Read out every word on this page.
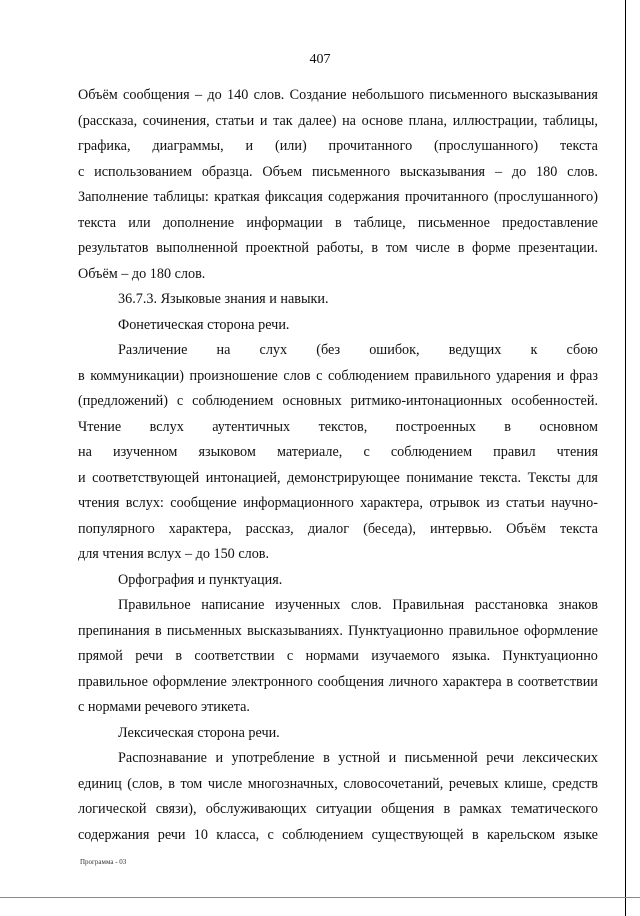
407
Объём сообщения – до 140 слов. Создание небольшого письменного высказывания
(рассказа, сочинения, статьи и так далее) на основе плана, иллюстрации, таблицы,
графика, диаграммы, и (или) прочитанного (прослушанного) текста
с использованием образца. Объем письменного высказывания – до 180 слов.
Заполнение таблицы: краткая фиксация содержания прочитанного (прослушанного)
текста или дополнение информации в таблице, письменное предоставление
результатов выполненной проектной работы, в том числе в форме презентации.
Объём – до 180 слов.
36.7.3. Языковые знания и навыки.
Фонетическая сторона речи.
Различение на слух (без ошибок, ведущих к сбою
в коммуникации) произношение слов с соблюдением правильного ударения и фраз
(предложений) с соблюдением основных ритмико-интонационных особенностей.
Чтение вслух аутентичных текстов, построенных в основном
на изученном языковом материале, с соблюдением правил чтения
и соответствующей интонацией, демонстрирующее понимание текста. Тексты для
чтения вслух: сообщение информационного характера, отрывок из статьи научно-
популярного характера, рассказ, диалог (беседа), интервью. Объём текста
для чтения вслух – до 150 слов.
Орфография и пунктуация.
Правильное написание изученных слов. Правильная расстановка знаков
препинания в письменных высказываниях. Пунктуационно правильное оформление
прямой речи в соответствии с нормами изучаемого языка. Пунктуационно
правильное оформление электронного сообщения личного характера в соответствии
с нормами речевого этикета.
Лексическая сторона речи.
Распознавание и употребление в устной и письменной речи лексических
единиц (слов, в том числе многозначных, словосочетаний, речевых клише, средств
логической связи), обслуживающих ситуации общения в рамках тематического
содержания речи 10 класса, с соблюдением существующей в карельском языке
Программа - 03
